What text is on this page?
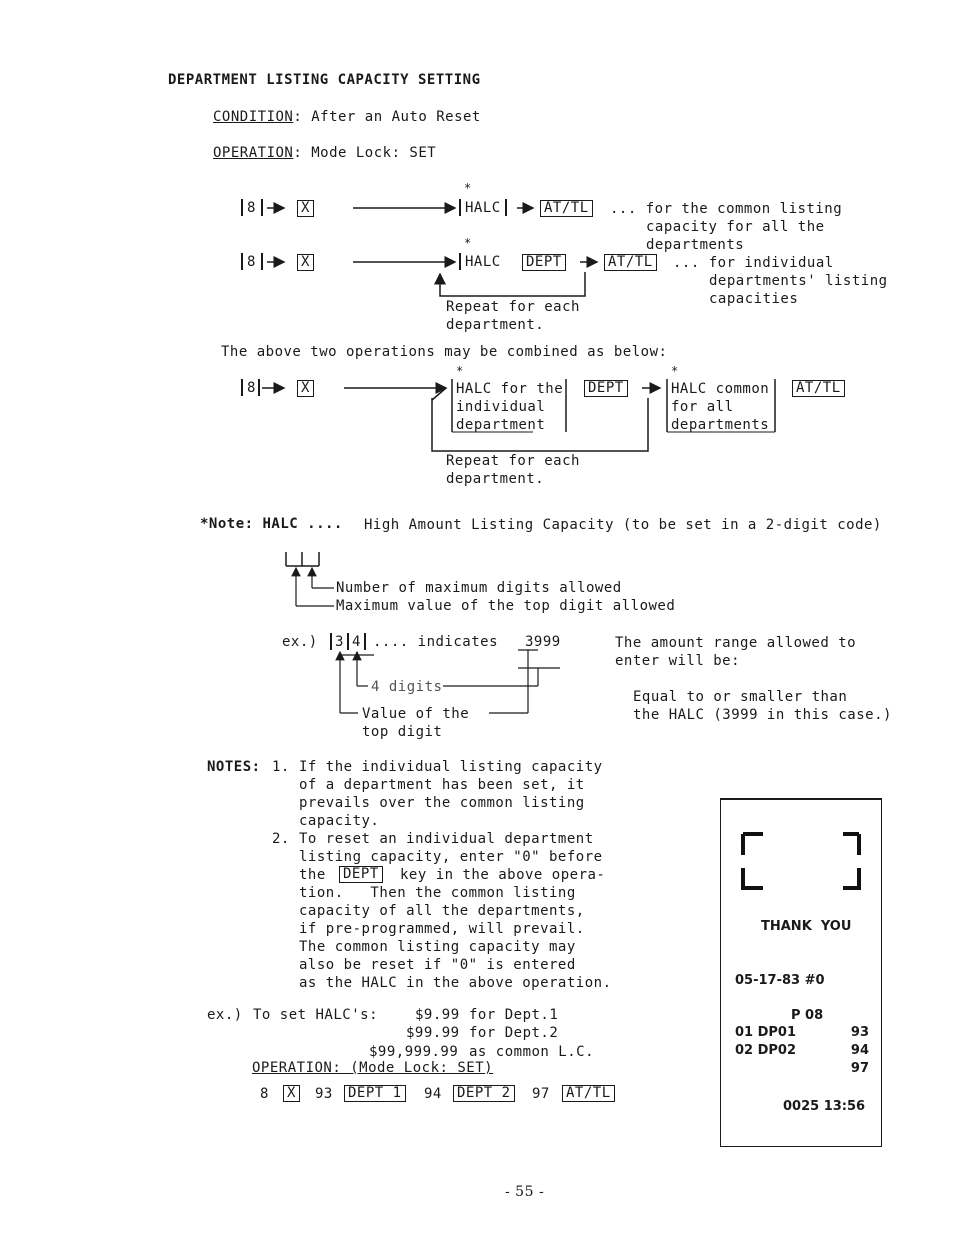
DEPARTMENT LISTING CAPACITY SETTING
CONDITION: After an Auto Reset
OPERATION: Mode Lock: SET
8	X
*
HALC	AT/TL ... for the common listing
capacity for all the
departments
*
8	X	HALC DEPT	AT/TL ... for individual
departments' listing
capacities
Repeat for each
department.
The above two operations may be combined as below:
8	X
*
HALC for the
individual
department
DEPT
*
HALC common
for all
departments
AT/TL
Repeat for each
department.
*Note: HALC .... High Amount Listing Capacity (to be set in a 2-digit code)
Number of maximum digits allowed
Maximum value of the top digit allowed
ex.) 3 4 .... indicates 3999
4 digits
Value of the
top digit
The amount range allowed to
enter will be:
Equal to or smaller than
the HALC (3999 in this case.)
NOTES: 1. If the individual listing capacity
of a department has been set, it
prevails over the common listing
capacity.
2. To reset an individual department
listing capacity, enter "0" before
the DEPT key in the above opera-
tion.   Then the common listing
capacity of all the departments,
if pre-programmed, will prevail.
The common listing capacity may
also be reset if "0" is entered
as the HALC in the above operation.
ex.) To set HALC's:	$9.99 for Dept.1
$99.99 for Dept.2
$99,999.99 as common L.C.
OPERATION: (Mode Lock: SET)
8 X 93 DEPT 1 94 DEPT 2 97 AT/TL
THANK  YOU
05-17-83 #0
P 08
01 DP01	93
02 DP02	94
97
0025 13:56
- 55 -
